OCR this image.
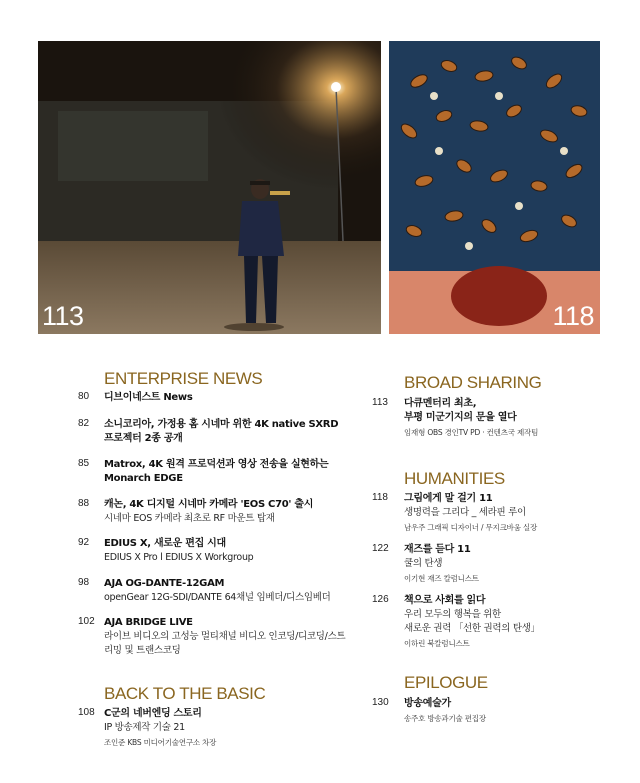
113	118
ENTERPRISE NEWS
80 디브이네스트 News
82 소니코리아, 가정용 홈 시네마 위한 4K native SXRD 프로젝터 2종 공개
85 Matrox, 4K 원격 프로덕션과 영상 전송을 실현하는 Monarch EDGE
88 캐논, 4K 디지털 시네마 카메라 'EOS C70' 출시
시네마 EOS 카메라 최초로 RF 마운트 탑재
92 EDIUS X, 새로운 편집 시대
EDIUS X Pro l EDIUS X Workgroup
98 AJA OG-DANTE-12GAM
openGear 12G-SDI/DANTE 64채널 임베더/디스임베더
102 AJA BRIDGE LIVE
라이브 비디오의 고성능 멀티채널 비디오 인코딩/디코딩/스트리밍 및 트랜스코딩
BACK TO THE BASIC
108 C군의 네버엔딩 스토리
IP 방송제작 기술 21
조인준 KBS 미디어기술연구소 차장
BROAD SHARING
113 다큐멘터리 최초,
부평 미군기지의 문을 열다
임재형 OBS 경인TV PD · 컨텐츠국 제작팀
HUMANITIES
118 그림에게 말 걸기 11
생명력을 그리다 _ 세라핀 루이
남우주 그래픽 디자이너 / 무지크바움 실장
122 재즈를 듣다 11
쿨의 탄생
이기현 재즈 칼럼니스트
126 책으로 사회를 읽다
우리 모두의 행복을 위한
새로운 권력 「선한 권력의 탄생」
이하린 북칼럼니스트
EPILOGUE
130 방송예술가
송주호 방송과기술 편집장
